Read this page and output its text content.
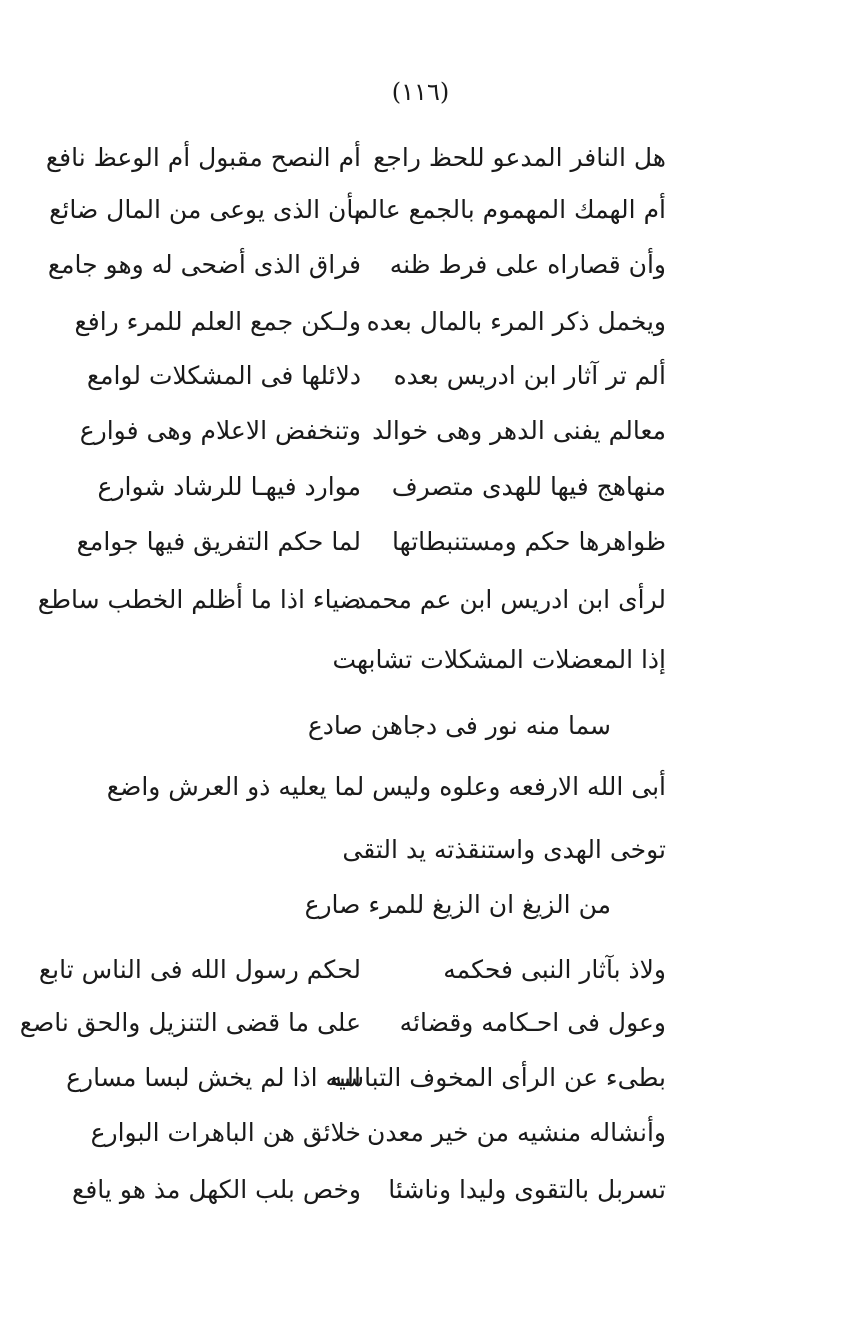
(١١٦)
هل النافر المدعو للحظ راجع
أم النصح مقبول أم الوعظ نافع
أم الهمك المهموم بالجمع عالم
بأن الذى يوعى من المال ضائع
وأن قصاراه على فرط ظنه
فراق الذى أضحى له وهو جامع
ويخمل ذكر المرء بالمال بعده
ولـكن جمع العلم للمرء رافع
ألم تر آثار ابن ادريس بعده
دلائلها فى المشكلات لوامع
معالم يفنى الدهر وهى خوالد
وتنخفض الاعلام وهى فوارع
منهاهج فيها للهدى متصرف
موارد فيهـا للرشاد شوارع
ظواهرها حكم ومستنبطاتها
لما حكم التفريق فيها جوامع
لرأى ابن ادريس ابن عم محمد
ضياء اذا ما أظلم الخطب ساطع
إذا المعضلات المشكلات تشابهت
سما منه نور فى دجاهن صادع
أبى الله الارفعه وعلوه وليس لما يعليه ذو العرش واضع
توخى الهدى واستنقذته يد التقى
من الزيغ ان الزيغ للمرء صارع
ولاذ بآثار النبى فحكمه
لحكم رسول الله فى الناس تابع
وعول فى احـكامه وقضائه
على ما قضى التنزيل والحق ناصع
بطىء عن الرأى المخوف التباسه
اليه اذا لم يخش لبسا مسارع
وأنشاله منشيه من خير معدن
خلائق هن الباهرات البوارع
تسربل بالتقوى وليدا وناشئا
وخص بلب الكهل مذ هو يافع
